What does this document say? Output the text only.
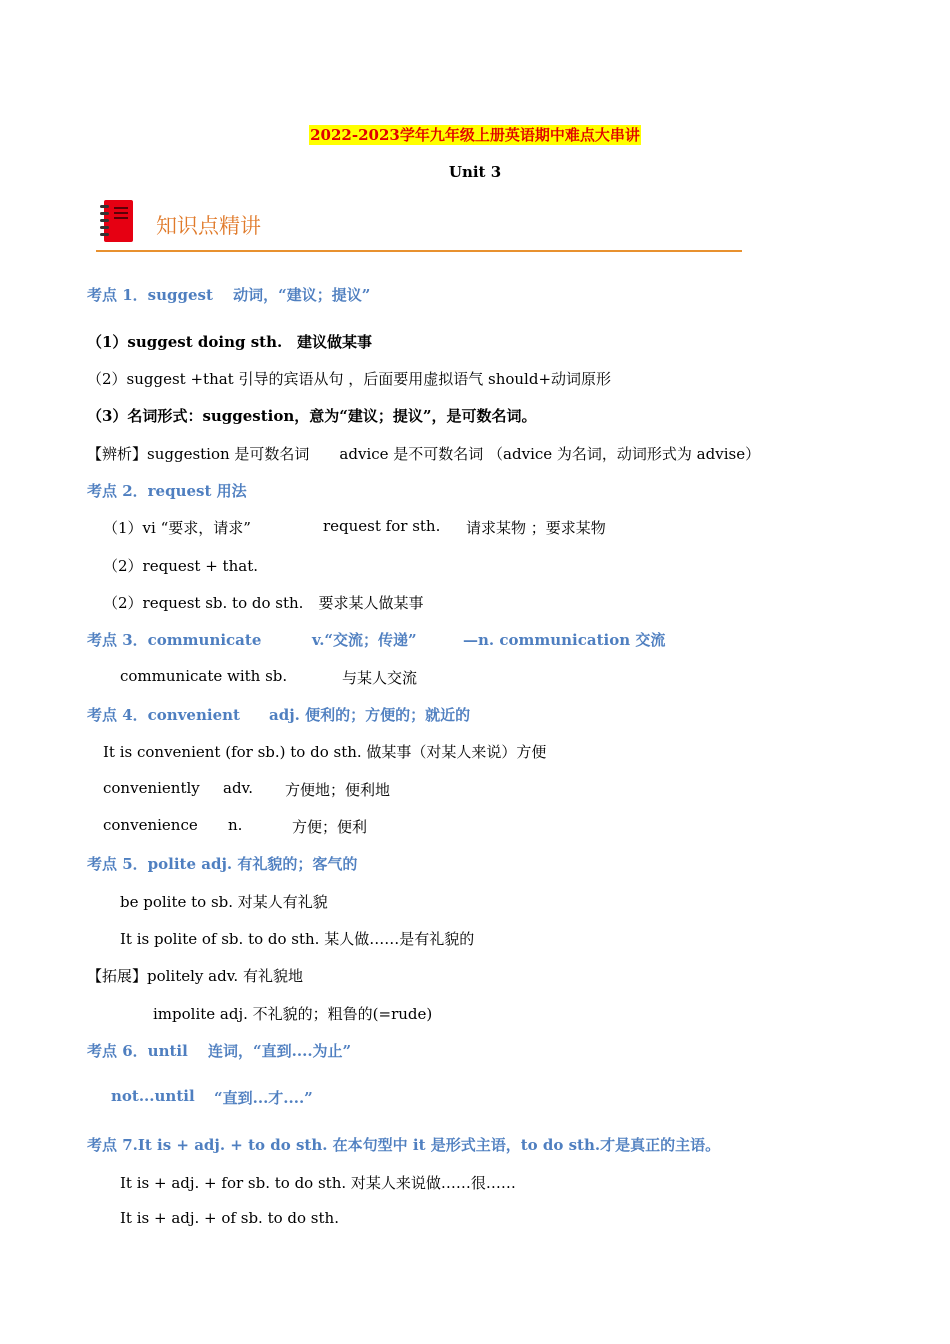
2022-2023学年九年级上册英语期中难点大串讲
Unit 3
知识点精讲
考点 1．suggest　 动词，“建议；提议”
（1）suggest doing sth. 建议做某事
（2）suggest +that 引导的宾语从句 ，后面要用虚拟语气 should+动词原形
（3）名词形式：suggestion，意为“建议；提议”，是可数名词。
【辨析】suggestion 是可数名词　　advice 是不可数名词 （advice 为名词，动词形式为 advise）
考点 2．request 用法
（1）vi “要求，请求”	request for sth. 请求某物 ；要求某物
（2）request + that.
（2）request sb. to do sth.　要求某人做某事
考点 3．communicate	v.“交流；传递”	—n. communication 交流
communicate with sb.	与某人交流
考点 4．convenient adj. 便利的；方便的；就近的
It is convenient (for sb.) to do sth. 做某事（对某人来说）方便
conveniently adv. 方便地；便利地
convenience n.	方便；便利
考点 5．polite adj. 有礼貌的；客气的
be polite to sb. 对某人有礼貌
It is polite of sb. to do sth. 某人做……是有礼貌的
【拓展】politely adv. 有礼貌地
impolite adj. 不礼貌的；粗鲁的(=rude)
考点 6．until　 连词，“直到....为止”
not...until “直到...才....”
考点 7.It is + adj. + to do sth. 在本句型中 it 是形式主语，to do sth.才是真正的主语。
It is + adj. + for sb. to do sth. 对某人来说做……很……
It is + adj. + of sb. to do sth.
